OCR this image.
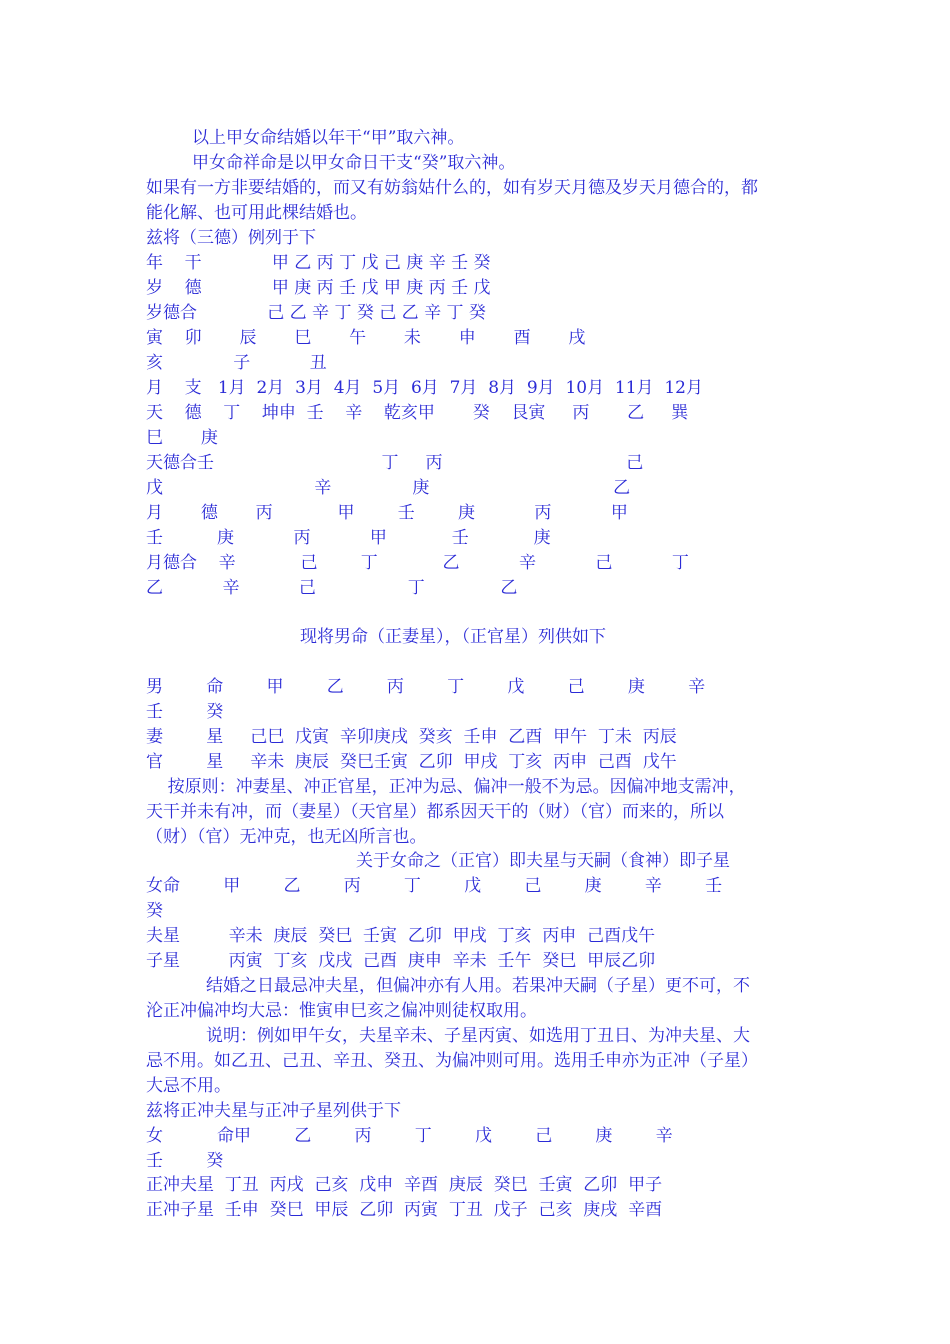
以上甲女命结婚以年干“甲”取六神。

甲女命祥命是以甲女命日干支“癸”取六神。

如果有一方非要结婚的，而又有妨翁姑什么的，如有岁天月德及岁天月德合的，都

能化解、也可用此棵结婚也。

兹将（三德）例列于下

年    干             甲 乙 丙 丁 戊 己 庚 辛 壬 癸

岁    德             甲 庚 丙 壬 戊 甲 庚 丙 壬 戊

岁德合             己 乙 辛 丁 癸 己 乙 辛 丁 癸

寅    卯       辰       巳       午       未       申       酉       戌

亥             子           丑

月    支   1月  2月  3月  4月  5月  6月  7月  8月  9月  10月  11月  12月

天    德    丁    坤申  壬    辛    乾亥甲       癸    艮寅     丙       乙     巽

巳       庚

天德合壬                               丁     丙                                  己

戊                            辛               庚                                  乙

月       德       丙            甲        壬        庚           丙           甲

壬          庚           丙           甲            壬            庚

月德合    辛            己        丁            乙           辛           己           丁

乙           辛           己                 丁              乙

现将男命（正妻星），（正官星）列供如下

男        命        甲        乙        丙        丁        戊        己        庚        辛

壬        癸

妻        星     己巳  戊寅  辛卯庚戌  癸亥  壬申  乙酉  甲午  丁未  丙辰

官        星     辛未  庚辰  癸巳壬寅  乙卯  甲戌  丁亥  丙申  己酉  戊午

按原则：冲妻星、冲正官星，正冲为忌、偏冲一般不为忌。因偏冲地支需冲，

天干并未有冲，而（妻星）（天官星）都系因天干的（财）（官）而来的，所以

（财）（官）无冲克，也无凶所言也。

关于女命之（正官）即夫星与天嗣（食神）即子星

女命        甲        乙        丙        丁        戊        己        庚        辛        壬

癸

夫星         辛未  庚辰  癸巳  壬寅  乙卯  甲戌  丁亥  丙申  己酉戊午

子星         丙寅  丁亥  戊戌  己酉  庚申  辛未  壬午  癸巳  甲辰乙卯

结婚之日最忌冲夫星，但偏冲亦有人用。若果冲天嗣（子星）更不可，不

沦正冲偏冲均大忌：惟寅申巳亥之偏冲则徒权取用。

说明：例如甲午女，夫星辛未、子星丙寅、如选用丁丑日、为冲夫星、大

忌不用。如乙丑、己丑、辛丑、癸丑、为偏冲则可用。选用壬申亦为正冲（子星）

大忌不用。

兹将正冲夫星与正冲子星列供于下

女          命甲        乙        丙        丁        戊        己        庚        辛

壬        癸

正冲夫星  丁丑  丙戌  己亥  戊申  辛酉  庚辰  癸巳  壬寅  乙卯  甲子

正冲子星  壬申  癸巳  甲辰  乙卯  丙寅  丁丑  戊子  己亥  庚戌  辛酉
